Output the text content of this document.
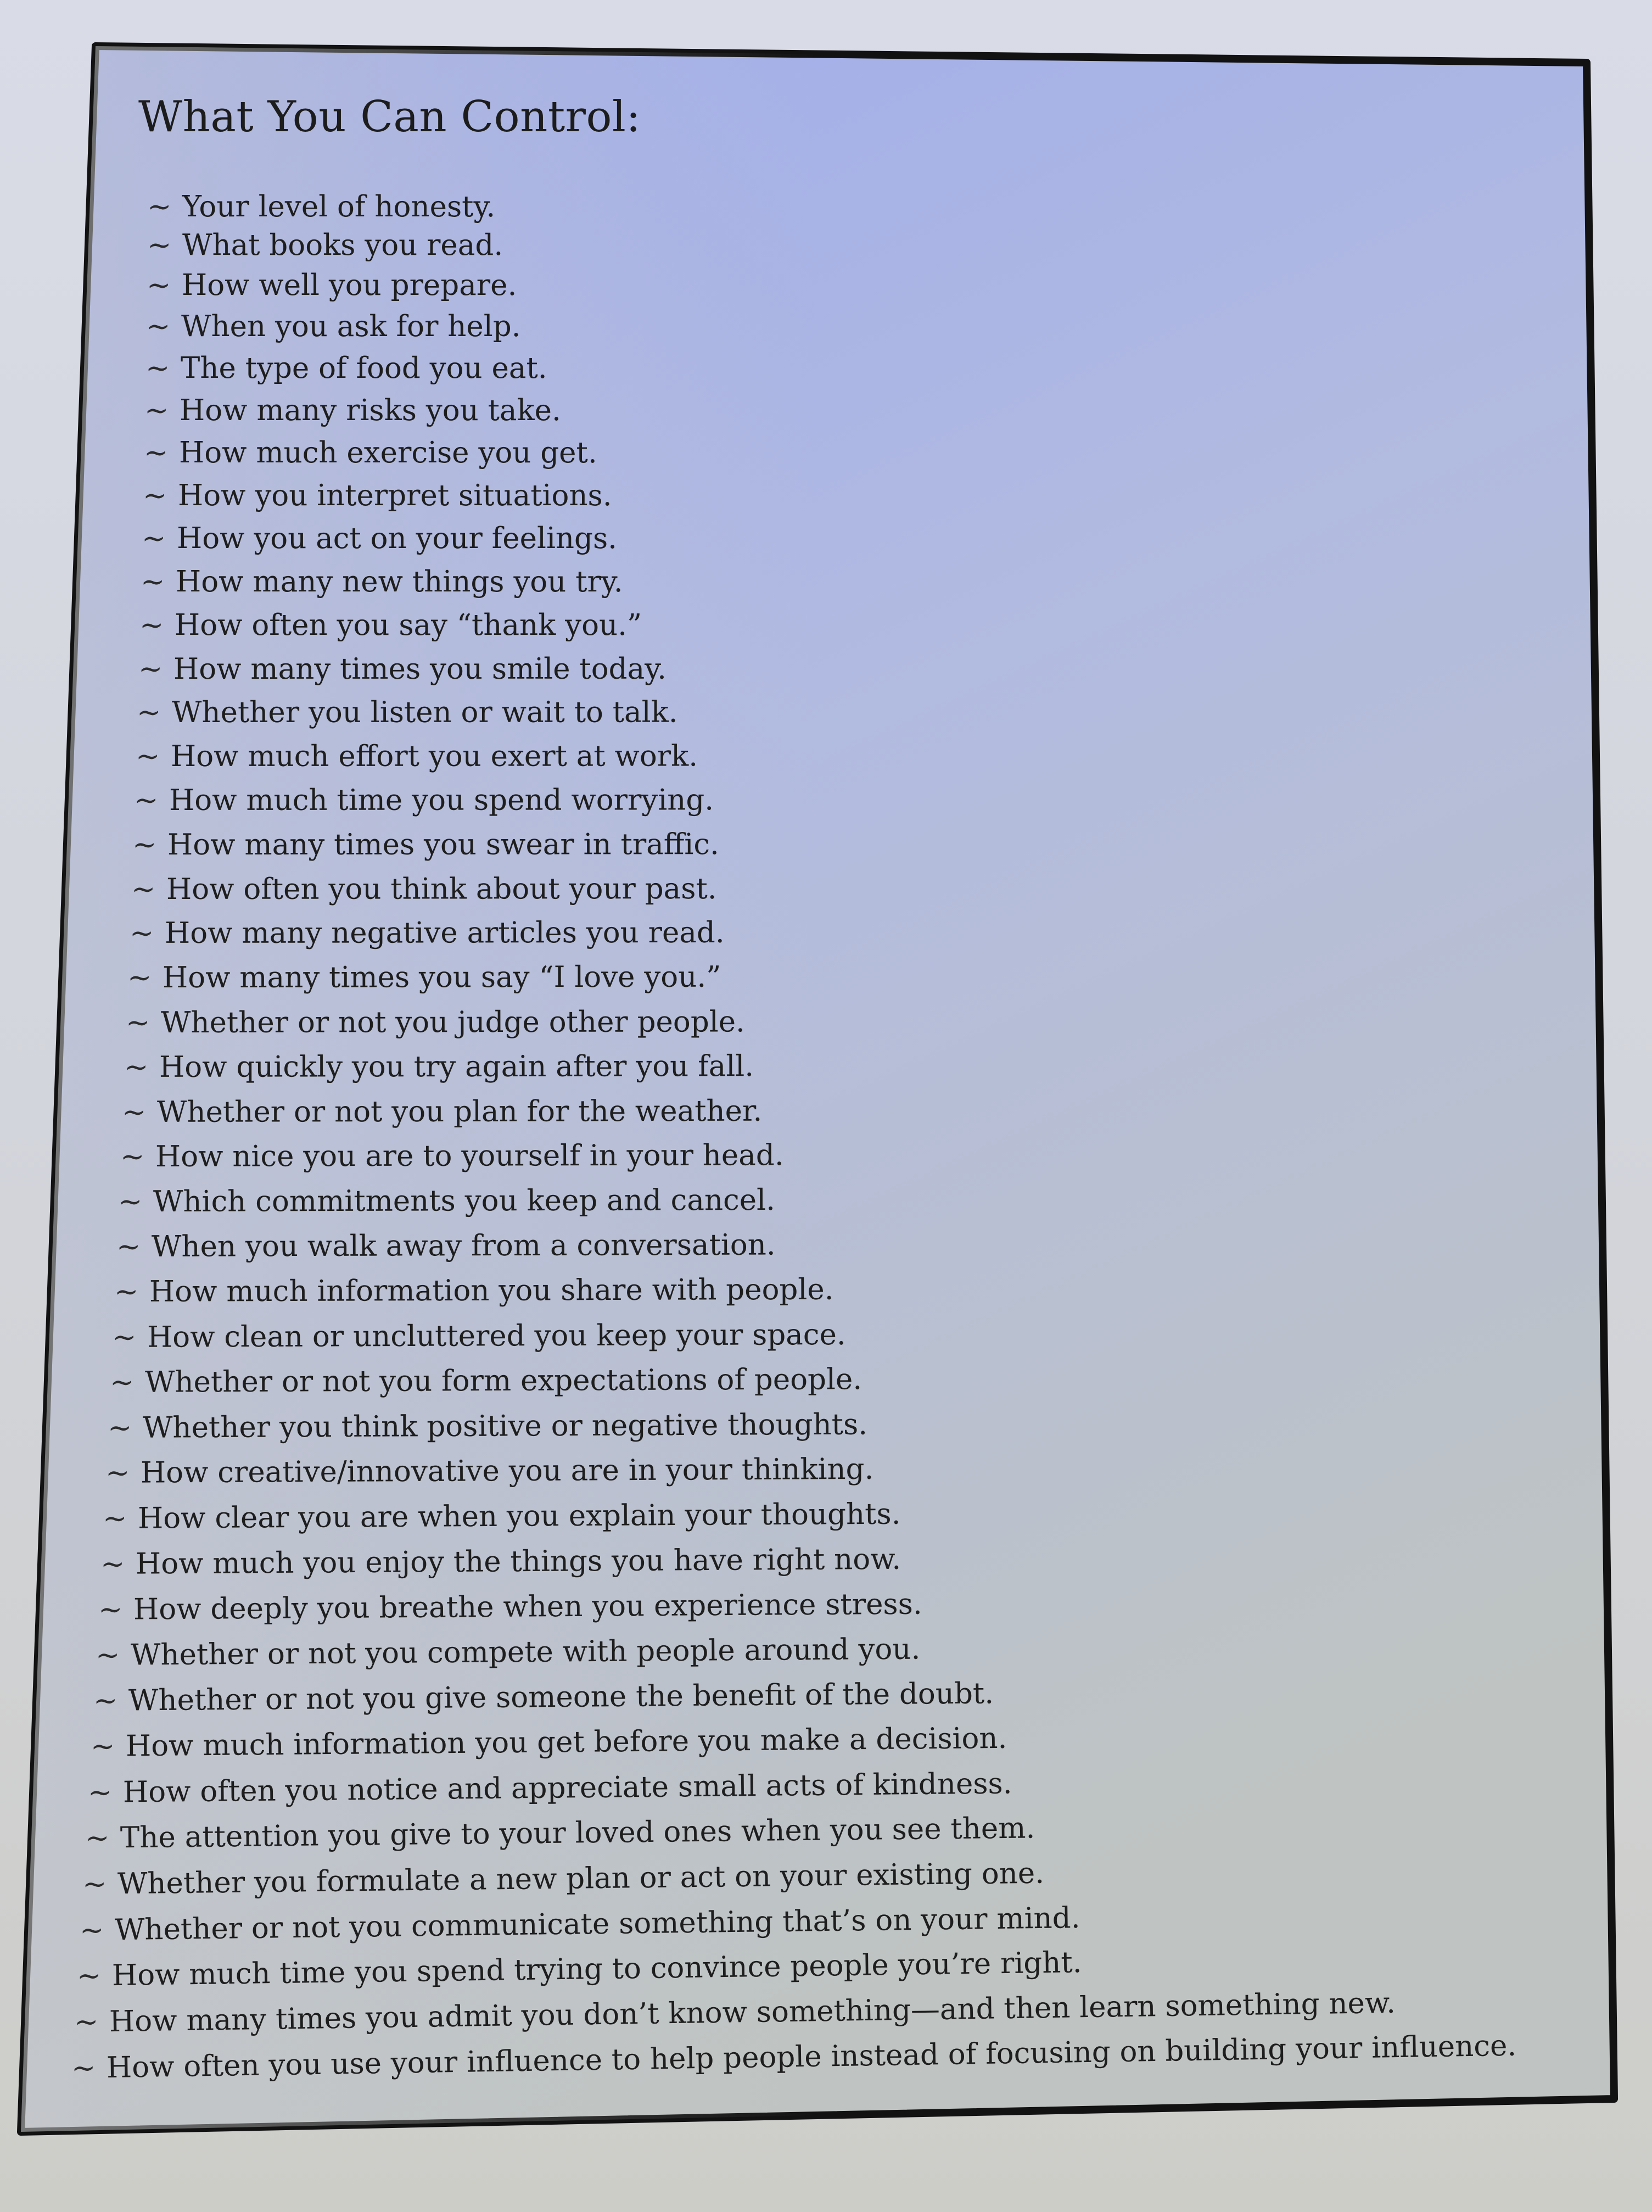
What You Can Control:
~ Your level of honesty.
~ What books you read.
~ How well you prepare.
~ When you ask for help.
~ The type of food you eat.
~ How many risks you take.
~ How much exercise you get.
~ How you interpret situations.
~ How you act on your feelings.
~ How many new things you try.
~ How often you say “thank you.”
~ How many times you smile today.
~ Whether you listen or wait to talk.
~ How much effort you exert at work.
~ How much time you spend worrying.
~ How many times you swear in traffic.
~ How often you think about your past.
~ How many negative articles you read.
~ How many times you say “I love you.”
~ Whether or not you judge other people.
~ How quickly you try again after you fall.
~ Whether or not you plan for the weather.
~ How nice you are to yourself in your head.
~ Which commitments you keep and cancel.
~ When you walk away from a conversation.
~ How much information you share with people.
~ How clean or uncluttered you keep your space.
~ Whether or not you form expectations of people.
~ Whether you think positive or negative thoughts.
~ How creative/innovative you are in your thinking.
~ How clear you are when you explain your thoughts.
~ How much you enjoy the things you have right now.
~ How deeply you breathe when you experience stress.
~ Whether or not you compete with people around you.
~ Whether or not you give someone the benefit of the doubt.
~ How much information you get before you make a decision.
~ How often you notice and appreciate small acts of kindness.
~ The attention you give to your loved ones when you see them.
~ Whether you formulate a new plan or act on your existing one.
~ Whether or not you communicate something that’s on your mind.
~ How much time you spend trying to convince people you’re right.
~ How many times you admit you don’t know something—and then learn something new.
~ How often you use your influence to help people instead of focusing on building your influence.
